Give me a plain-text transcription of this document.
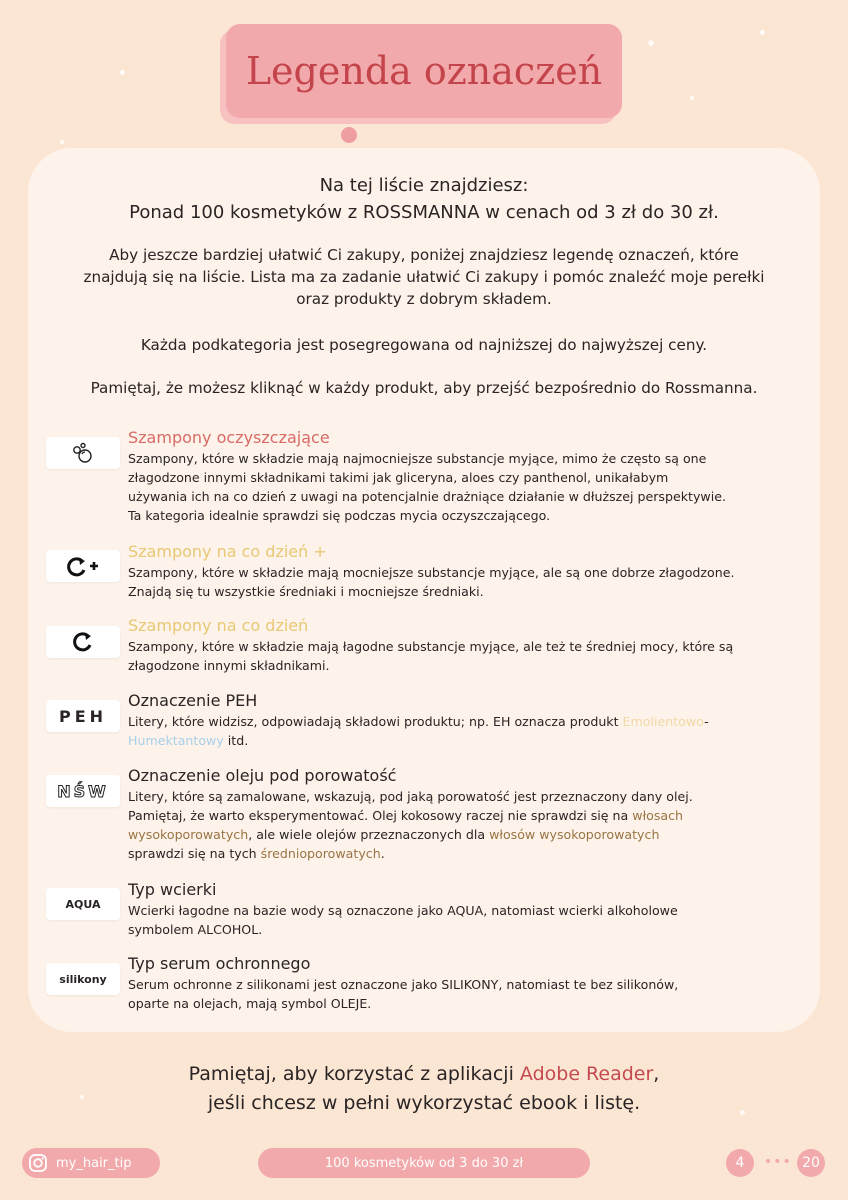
Legenda oznaczeń
Na tej liście znajdziesz:
Ponad 100 kosmetyków z ROSSMANNA w cenach od 3 zł do 30 zł.
Aby jeszcze bardziej ułatwić Ci zakupy, poniżej znajdziesz legendę oznaczeń, które
znajdują się na liście. Lista ma za zadanie ułatwić Ci zakupy i pomóc znaleźć moje perełki
oraz produkty z dobrym składem.
Każda podkategoria jest posegregowana od najniższej do najwyższej ceny.
Pamiętaj, że możesz kliknąć w każdy produkt, aby przejść bezpośrednio do Rossmanna.
Szampony oczyszczające
Szampony, które w składzie mają najmocniejsze substancje myjące, mimo że często są one
złagodzone innymi składnikami takimi jak gliceryna, aloes czy panthenol, unikałabym
używania ich na co dzień z uwagi na potencjalnie drażniące działanie w dłuższej perspektywie.
Ta kategoria idealnie sprawdzi się podczas mycia oczyszczającego.
Szampony na co dzień +
Szampony, które w składzie mają mocniejsze substancje myjące, ale są one dobrze złagodzone.
Znajdą się tu wszystkie średniaki i mocniejsze średniaki.
Szampony na co dzień
Szampony, które w składzie mają łagodne substancje myjące, ale też te średniej mocy, które są
złagodzone innymi składnikami.
PEH
Oznaczenie PEH
Litery, które widzisz, odpowiadają składowi produktu; np. EH oznacza produkt Emolientowo-
Humektantowy itd.
NŚW
Oznaczenie oleju pod porowatość
Litery, które są zamalowane, wskazują, pod jaką porowatość jest przeznaczony dany olej.
Pamiętaj, że warto eksperymentować. Olej kokosowy raczej nie sprawdzi się na włosach
wysokoporowatych, ale wiele olejów przeznaczonych dla włosów wysokoporowatych
sprawdzi się na tych średnioporowatych.
AQUA
Typ wcierki
Wcierki łagodne na bazie wody są oznaczone jako AQUA, natomiast wcierki alkoholowe
symbolem ALCOHOL.
silikony
Typ serum ochronnego
Serum ochronne z silikonami jest oznaczone jako SILIKONY, natomiast te bez silikonów,
oparte na olejach, mają symbol OLEJE.
Pamiętaj, aby korzystać z aplikacji Adobe Reader,
jeśli chcesz w pełni wykorzystać ebook i listę.
my_hair_tip	100 kosmetyków od 3 do 30 zł	4	••• 20
